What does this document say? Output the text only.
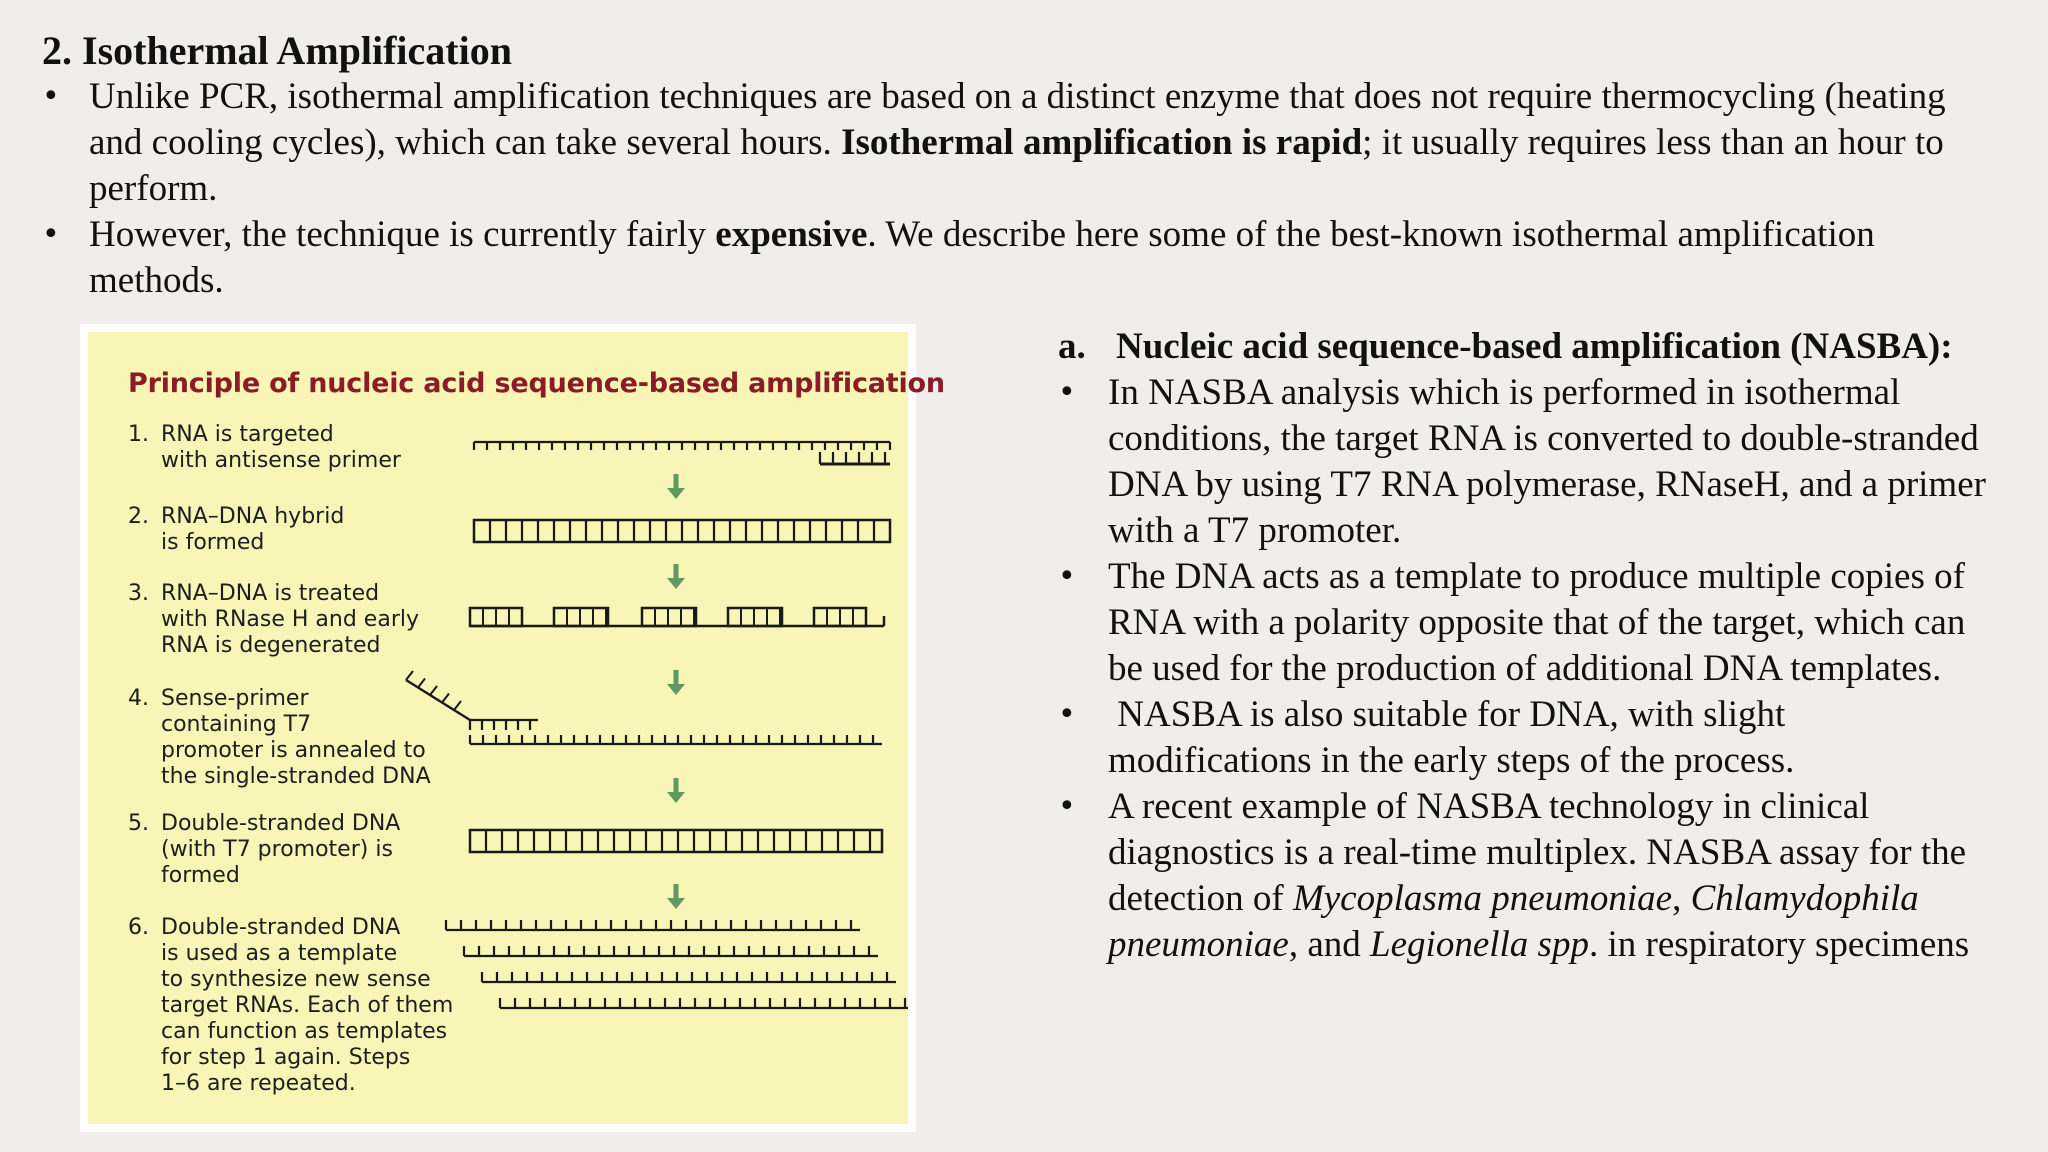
2. Isothermal Amplification
• Unlike PCR, isothermal amplification techniques are based on a distinct enzyme that does not require thermocycling (heating and cooling cycles), which can take several hours. Isothermal amplification is rapid; it usually requires less than an hour to perform.
• However, the technique is currently fairly expensive. We describe here some of the best-known isothermal amplification methods.
Principle of nucleic acid sequence-based amplification
1. RNA is targeted
with antisense primer
2. RNA–DNA hybrid
is formed
3. RNA–DNA is treated
with RNase H and early
RNA is degenerated
4. Sense-primer
containing T7
promoter is annealed to
the single-stranded DNA
5. Double-stranded DNA
(with T7 promoter) is
formed
6. Double-stranded DNA
is used as a template
to synthesize new sense
target RNAs. Each of them
can function as templates
for step 1 again. Steps
1–6 are repeated.
a. Nucleic acid sequence-based amplification (NASBA):
• In NASBA analysis which is performed in isothermal conditions, the target RNA is converted to double-stranded DNA by using T7 RNA polymerase, RNaseH, and a primer with a T7 promoter.
• The DNA acts as a template to produce multiple copies of RNA with a polarity opposite that of the target, which can be used for the production of additional DNA templates.
• NASBA is also suitable for DNA, with slight modifications in the early steps of the process.
• A recent example of NASBA technology in clinical diagnostics is a real-time multiplex. NASBA assay for the detection of Mycoplasma pneumoniae, Chlamydophila pneumoniae, and Legionella spp. in respiratory specimens
